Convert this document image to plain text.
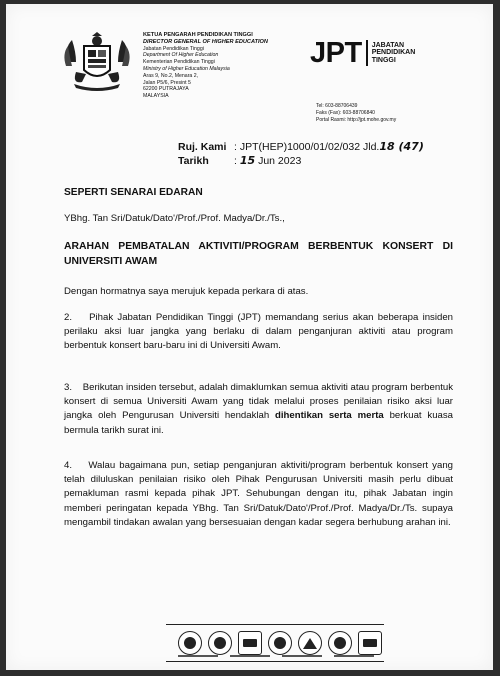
KETUA PENGARAH PENDIDIKAN TINGGI
DIRECTOR GENERAL OF HIGHER EDUCATION
Jabatan Pendidikan Tinggi
Department Of Higher Education
Kementerian Pendidikan Tinggi
Ministry of Higher Education Malaysia
Aras 9, No.2, Menara 2,
Jalan P5/6, Presint 5
62200 PUTRAJAYA
MALAYSIA
JPT JABATAN
PENDIDIKAN
TINGGI
Tel: 603-88706439
Faks (Fax): 603-88706840
Portal Rasmi: http://jpt.mohe.gov.my
Ruj. Kami : JPT(HEP)1000/01/02/032 Jld. 18 (47)
Tarikh	:
15
Jun 2023
SEPERTI SENARAI EDARAN
YBhg. Tan Sri/Datuk/Dato'/Prof./Prof. Madya/Dr./Ts.,
ARAHAN PEMBATALAN AKTIVITI/PROGRAM BERBENTUK KONSERT DI UNIVERSITI AWAM
Dengan hormatnya saya merujuk kepada perkara di atas.
2.    Pihak Jabatan Pendidikan Tinggi (JPT) memandang serius akan beberapa insiden perilaku aksi luar jangka yang berlaku di dalam penganjuran aktiviti atau program berbentuk konsert baru-baru ini di Universiti Awam.
3.    Berikutan insiden tersebut, adalah dimaklumkan semua aktiviti atau program berbentuk konsert di semua Universiti Awam yang tidak melalui proses penilaian risiko aksi luar jangka oleh Pengurusan Universiti hendaklah dihentikan serta merta berkuat kuasa bermula tarikh surat ini.
4.    Walau bagaimana pun, setiap penganjuran aktiviti/program berbentuk konsert yang telah diluluskan penilaian risiko oleh Pihak Pengurusan Universiti masih perlu dibuat pemakluman rasmi kepada pihak JPT. Sehubungan dengan itu, pihak Jabatan ingin memberi peringatan kepada YBhg. Tan Sri/Datuk/Dato'/Prof./Prof. Madya/Dr./Ts. supaya mengambil tindakan awalan yang bersesuaian dengan kadar segera berhubung arahan ini.
